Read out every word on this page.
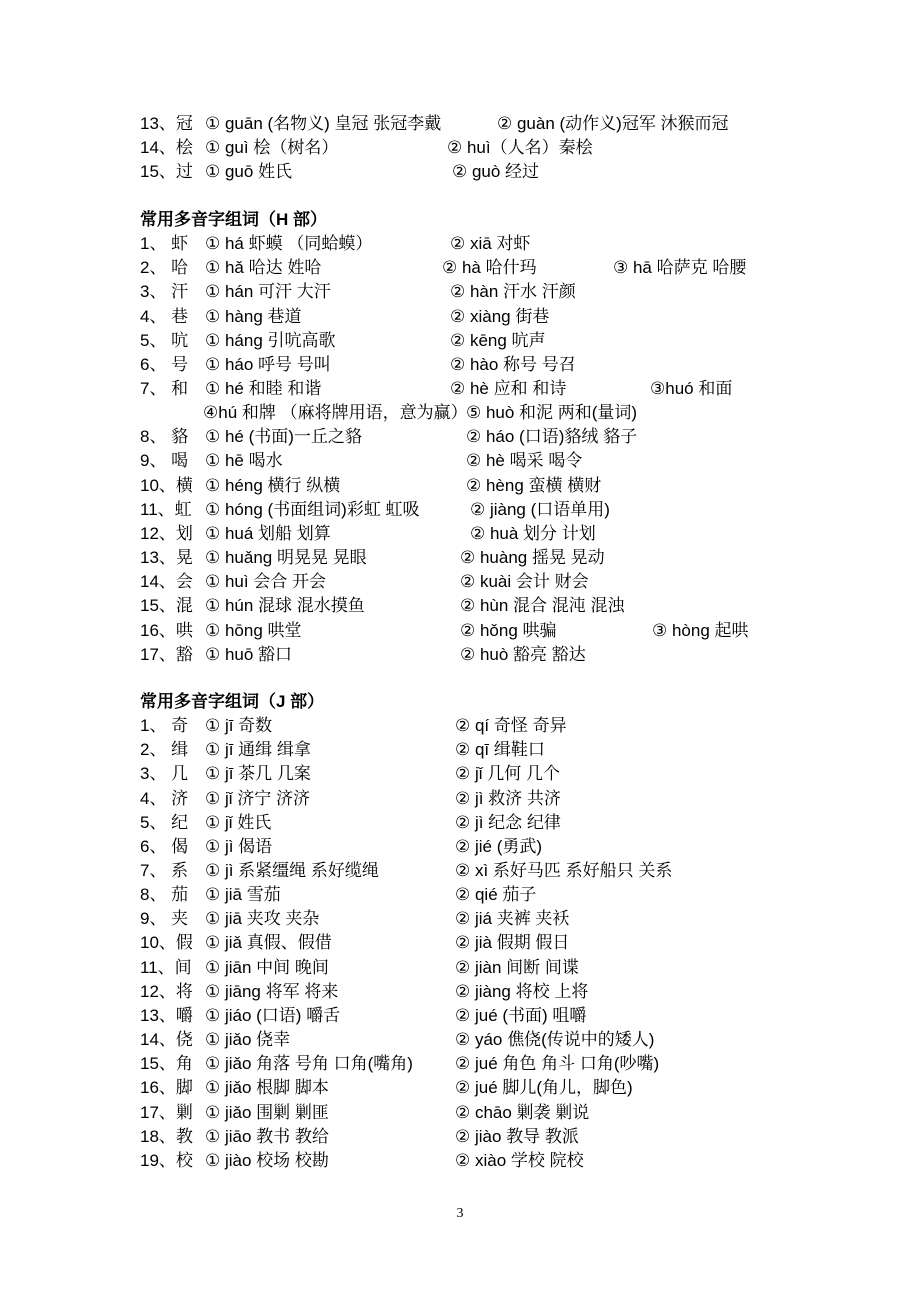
13、冠 ① guān (名物义) 皇冠 张冠李戴	② guàn (动作义)冠军 沐猴而冠
14、桧 ① guì 桧（树名）	② huì（人名）秦桧
15、过 ① guō 姓氏	② guò 经过
常用多音字组词（H 部）
1、 虾 ① há 虾蟆 （同蛤蟆）	② xiā 对虾
2、 哈 ① hǎ 哈达 姓哈	② hà 哈什玛	③ hā 哈萨克 哈腰
3、 汗 ① hán 可汗 大汗	② hàn 汗水 汗颜
4、 巷 ① hàng 巷道	② xiàng 街巷
5、 吭 ① háng 引吭高歌	② kēng 吭声
6、 号 ① háo 呼号 号叫	② hào 称号 号召
7、 和 ① hé 和睦 和谐	② hè 应和 和诗	③huó 和面
④hú 和牌 （麻将牌用语，意为赢）
⑤ huò 和泥 两和(量词)
8、 貉 ① hé (书面)一丘之貉	② háo (口语)貉绒 貉子
9、 喝 ① hē 喝水	② hè 喝采 喝令
10、横 ① héng 横行 纵横	② hèng 蛮横 横财
11、虹 ① hóng (书面组词)彩虹 虹吸	② jiàng (口语单用)
12、划 ① huá 划船 划算	② huà 划分 计划
13、晃 ① huǎng 明晃晃 晃眼	② huàng 摇晃 晃动
14、会 ① huì 会合 开会	② kuài 会计 财会
15、混 ① hún 混球 混水摸鱼	② hùn 混合 混沌 混浊
16、哄 ① hōng 哄堂	② hǒng 哄骗	③ hòng 起哄
17、豁 ① huō 豁口	② huò 豁亮 豁达
常用多音字组词（J 部）
1、 奇 ① jī 奇数	② qí 奇怪 奇异
2、 缉 ① jī 通缉 缉拿	② qī 缉鞋口
3、 几 ① jī 茶几 几案	② jǐ 几何 几个
4、 济 ① jǐ 济宁 济济	② jì 救济 共济
5、 纪 ① jǐ 姓氏	② jì 纪念 纪律
6、 偈 ① jì 偈语	② jié (勇武)
7、 系 ① jì 系紧缰绳 系好缆绳	② xì 系好马匹 系好船只 关系
8、 茄 ① jiā 雪茄	② qié 茄子
9、 夹 ① jiā 夹攻 夹杂	② jiá 夹裤 夹袄
10、假 ① jiǎ 真假、假借	② jià 假期 假日
11、间 ① jiān 中间 晚间	② jiàn 间断 间谍
12、将 ① jiāng 将军 将来	② jiàng 将校 上将
13、嚼 ① jiáo (口语) 嚼舌	② jué (书面) 咀嚼
14、侥 ① jiǎo 侥幸	② yáo 僬侥(传说中的矮人)
15、角 ① jiǎo 角落 号角 口角(嘴角) ② jué 角色 角斗 口角(吵嘴)
16、脚 ① jiǎo 根脚 脚本	② jué 脚儿(角儿，脚色)
17、剿 ① jiǎo 围剿 剿匪	② chāo 剿袭 剿说
18、教 ① jiāo 教书 教给	② jiào 教导 教派
19、校 ① jiào 校场 校勘	② xiào 学校 院校
3
